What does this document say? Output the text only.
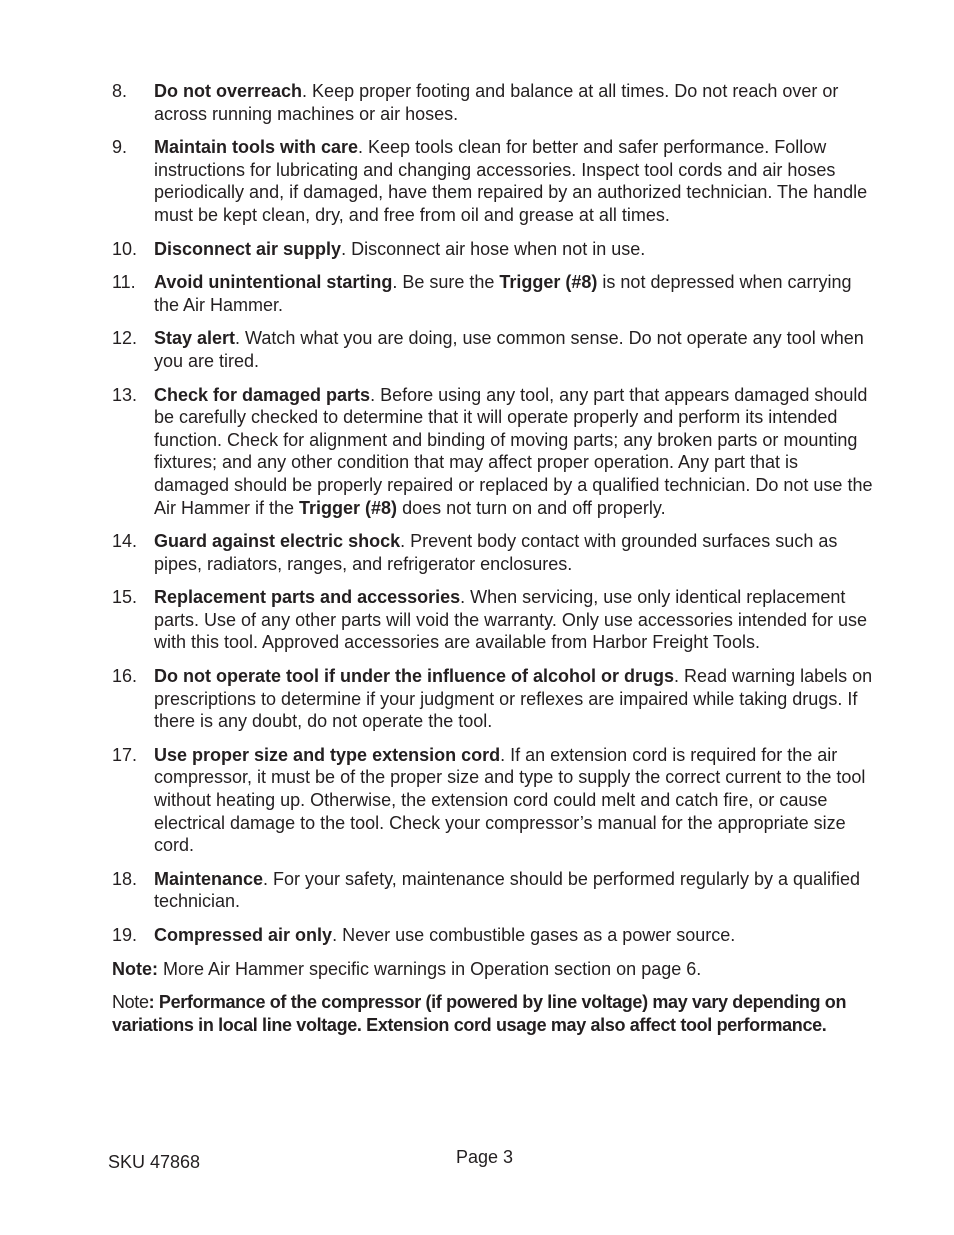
8.	Do not overreach. Keep proper footing and balance at all times. Do not reach over or across running machines or air hoses.
9.	Maintain tools with care. Keep tools clean for better and safer performance. Follow instructions for lubricating and changing accessories. Inspect tool cords and air hoses periodically and, if damaged, have them repaired by an authorized technician. The handle must be kept clean, dry, and free from oil and grease at all times.
10. Disconnect air supply. Disconnect air hose when not in use.
11.	Avoid unintentional starting. Be sure the Trigger (#8) is not depressed when carrying the Air Hammer.
12. Stay alert. Watch what you are doing, use common sense. Do not operate any tool when you are tired.
13. Check for damaged parts. Before using any tool, any part that appears damaged should be carefully checked to determine that it will operate properly and perform its intended function. Check for alignment and binding of moving parts; any broken parts or mounting fixtures; and any other condition that may affect proper operation. Any part that is damaged should be properly repaired or replaced by a qualified technician. Do not use the Air Hammer if the Trigger (#8) does not turn on and off properly.
14. Guard against electric shock. Prevent body contact with grounded surfaces such as pipes, radiators, ranges, and refrigerator enclosures.
15. Replacement parts and accessories. When servicing, use only identical replacement parts. Use of any other parts will void the warranty. Only use accessories intended for use with this tool. Approved accessories are available from Harbor Freight Tools.
16. Do not operate tool if under the influence of alcohol or drugs. Read warning labels on prescriptions to determine if your judgment or reflexes are impaired while taking drugs. If there is any doubt, do not operate the tool.
17. Use proper size and type extension cord. If an extension cord is required for the air compressor, it must be of the proper size and type to supply the correct current to the tool without heating up. Otherwise, the extension cord could melt and catch fire, or cause electrical damage to the tool. Check your compressor’s manual for the appropriate size cord.
18. Maintenance. For your safety, maintenance should be performed regularly by a qualified technician.
19. Compressed air only. Never use combustible gases as a power source.
Note: More Air Hammer specific warnings in Operation section on page 6.
Note: Performance of the compressor (if powered by line voltage) may vary depending on variations in local line voltage. Extension cord usage may also affect tool performance.
SKU 47868	Page 3
